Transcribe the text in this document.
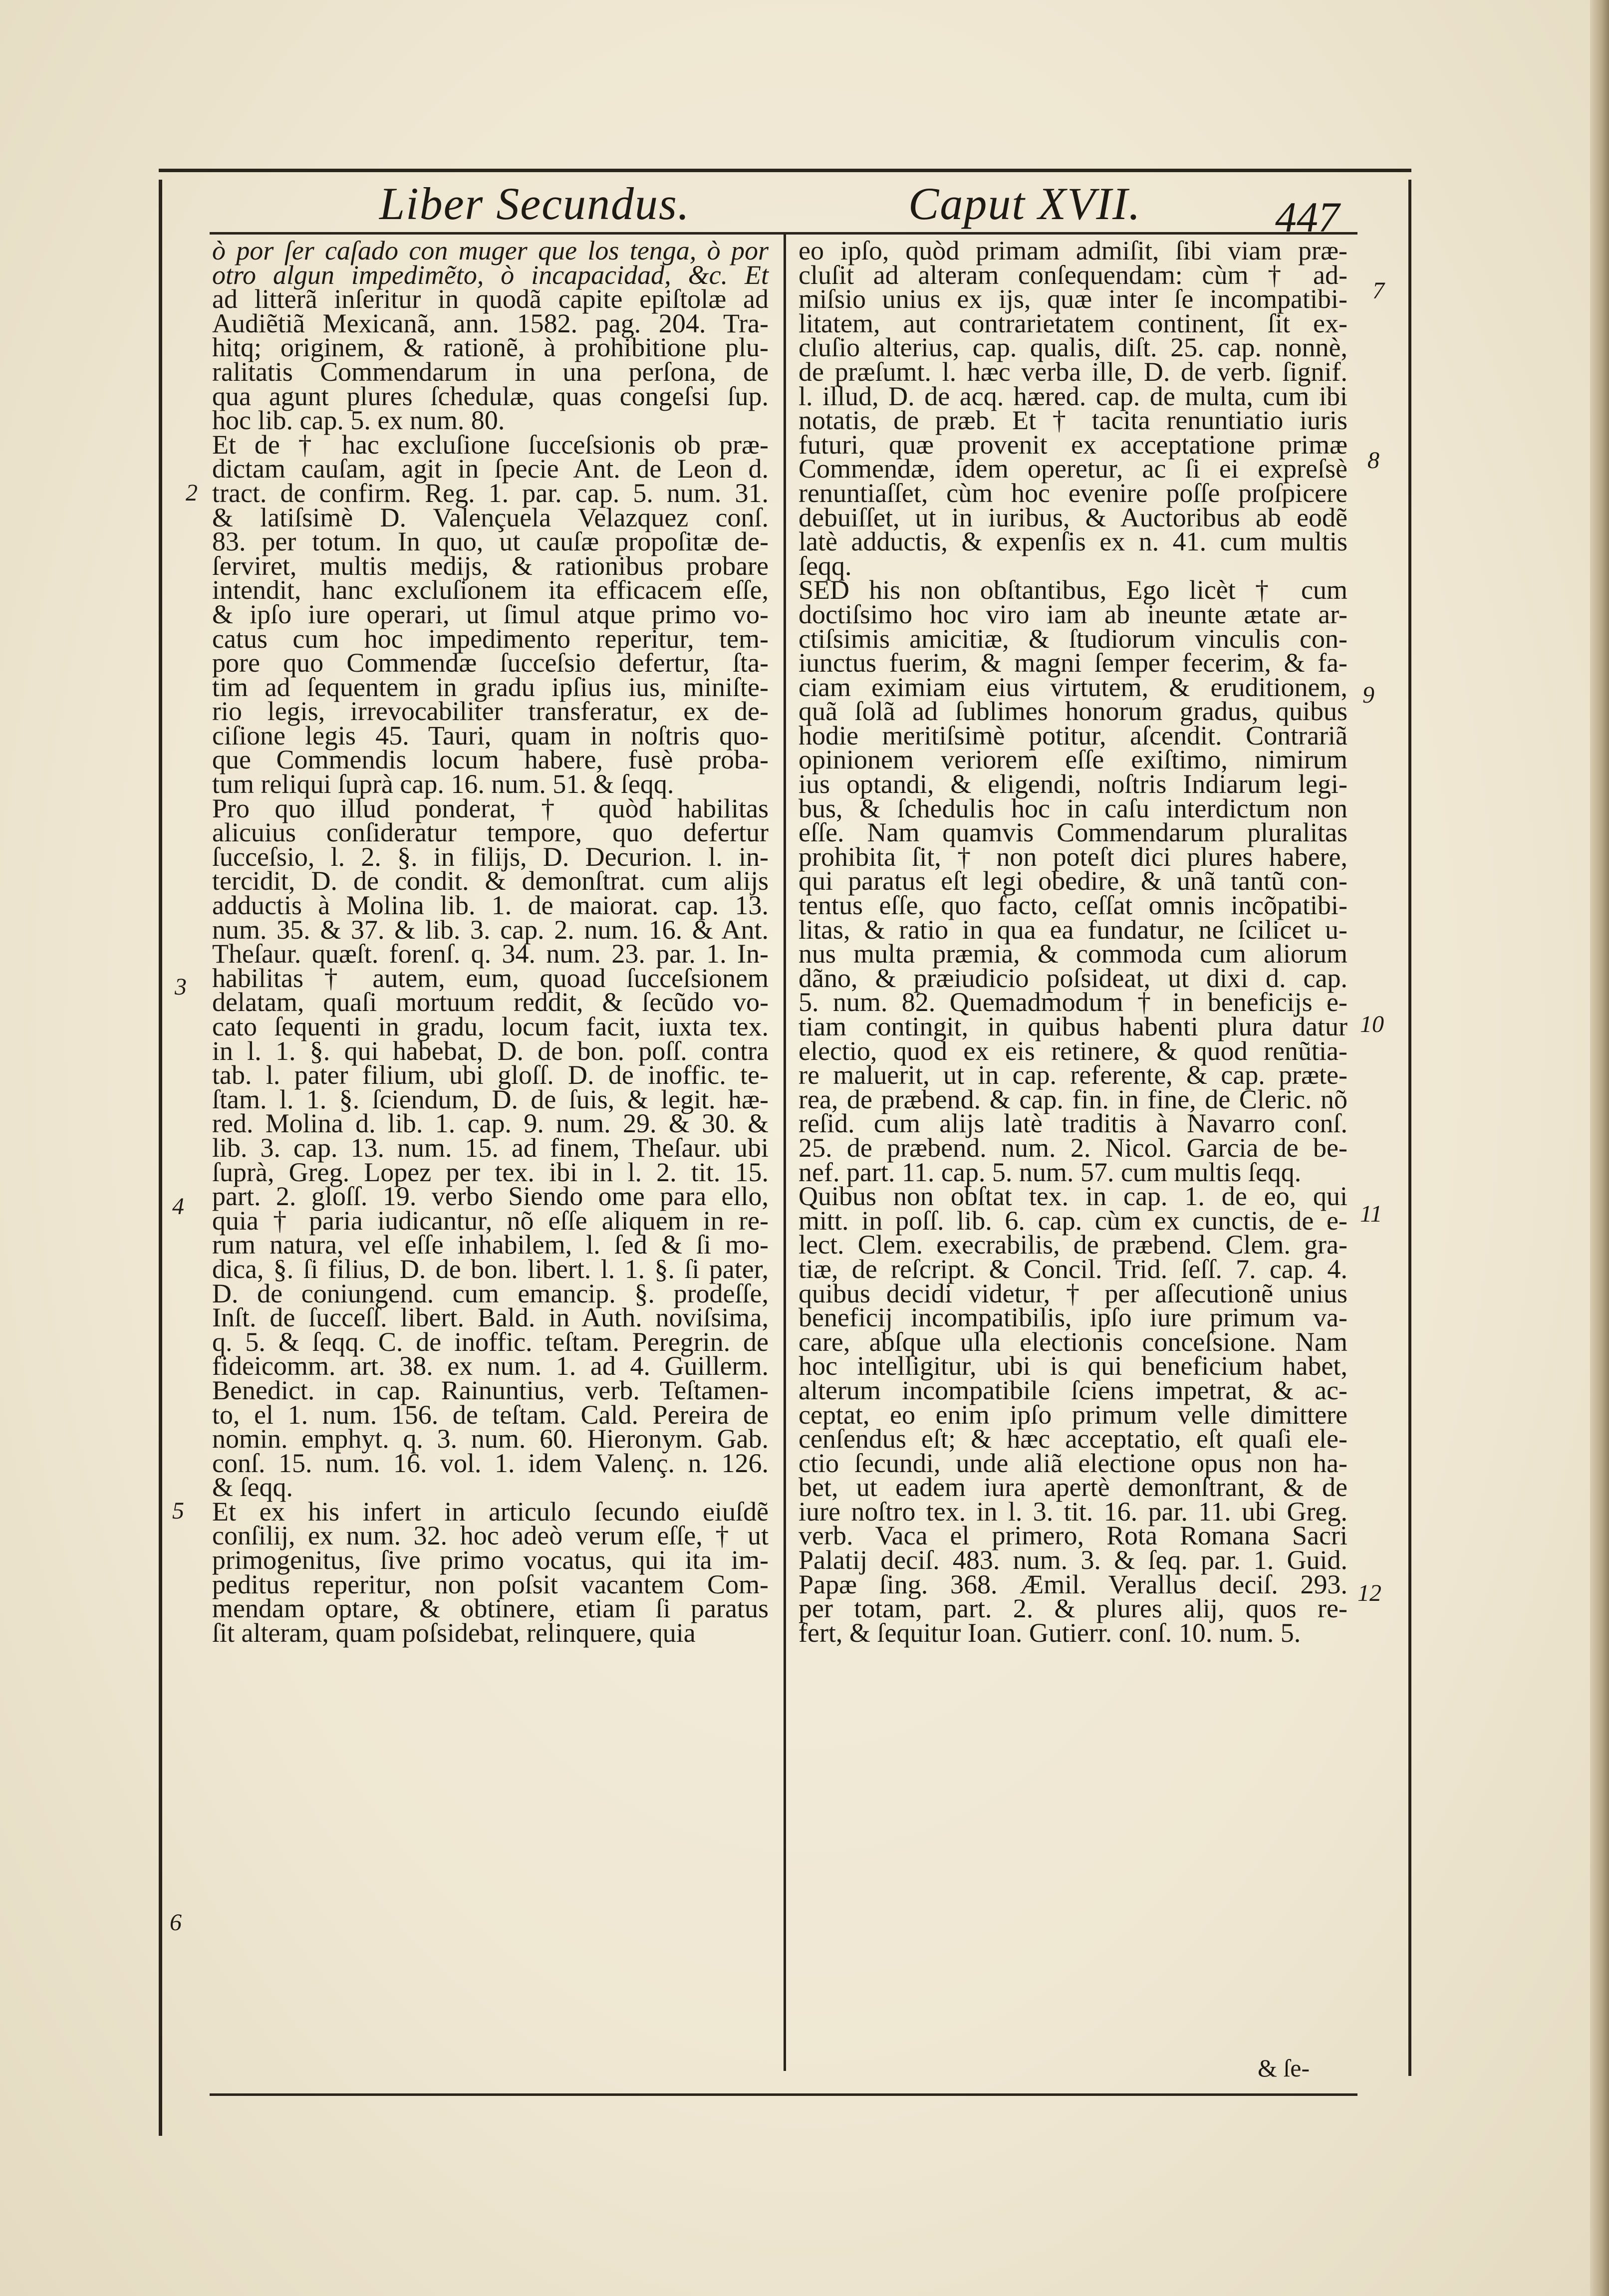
Liber Secundus.	Caput XVII.	447
ò por ſer caſado con muger que los tenga, ò por
otro algun impedimẽto, ò incapacidad, &c. Et
ad litterã inſeritur in quodã capite epiſtolæ ad
Audiẽtiã Mexicanã, ann. 1582. pag. 204. Tra-
hitq; originem, & rationẽ, à prohibitione plu-
ralitatis Commendarum in una perſona, de
qua agunt plures ſchedulæ, quas congeſsi ſup.
hoc lib. cap. 5. ex num. 80.
Et de † hac excluſione ſucceſsionis ob præ-
dictam cauſam, agit in ſpecie Ant. de Leon d.
tract. de confirm. Reg. 1. par. cap. 5. num. 31.
& latiſsimè D. Valençuela Velazquez conſ.
83. per totum. In quo, ut cauſæ propoſitæ de-
ſerviret, multis medijs, & rationibus probare
intendit, hanc excluſionem ita efficacem eſſe,
& ipſo iure operari, ut ſimul atque primo vo-
catus cum hoc impedimento reperitur, tem-
pore quo Commendæ ſucceſsio defertur, ſta-
tim ad ſequentem in gradu ipſius ius, miniſte-
rio legis, irrevocabiliter transferatur, ex de-
ciſione legis 45. Tauri, quam in noſtris quo-
que Commendis locum habere, fusè proba-
tum reliqui ſuprà cap. 16. num. 51. & ſeqq.
Pro quo illud ponderat, † quòd habilitas
alicuius conſideratur tempore, quo defertur
ſucceſsio, l. 2. §. in filijs, D. Decurion. l. in-
tercidit, D. de condit. & demonſtrat. cum alijs
adductis à Molina lib. 1. de maiorat. cap. 13.
num. 35. & 37. & lib. 3. cap. 2. num. 16. & Ant.
Theſaur. quæſt. forenſ. q. 34. num. 23. par. 1. In-
habilitas † autem, eum, quoad ſucceſsionem
delatam, quaſi mortuum reddit, & ſecũdo vo-
cato ſequenti in gradu, locum facit, iuxta tex.
in l. 1. §. qui habebat, D. de bon. poſſ. contra
tab. l. pater filium, ubi gloſſ. D. de inoffic. te-
ſtam. l. 1. §. ſciendum, D. de ſuis, & legit. hæ-
red. Molina d. lib. 1. cap. 9. num. 29. & 30. &
lib. 3. cap. 13. num. 15. ad finem, Theſaur. ubi
ſuprà, Greg. Lopez per tex. ibi in l. 2. tit. 15.
part. 2. gloſſ. 19. verbo Siendo ome para ello,
quia † paria iudicantur, nõ eſſe aliquem in re-
rum natura, vel eſſe inhabilem, l. ſed & ſi mo-
dica, §. ſi filius, D. de bon. libert. l. 1. §. ſi pater,
D. de coniungend. cum emancip. §. prodeſſe,
Inſt. de ſucceſſ. libert. Bald. in Auth. noviſsima,
q. 5. & ſeqq. C. de inoffic. teſtam. Peregrin. de
fideicomm. art. 38. ex num. 1. ad 4. Guillerm.
Benedict. in cap. Rainuntius, verb. Teſtamen-
to, el 1. num. 156. de teſtam. Cald. Pereira de
nomin. emphyt. q. 3. num. 60. Hieronym. Gab.
conſ. 15. num. 16. vol. 1. idem Valenç. n. 126.
& ſeqq.
Et ex his infert in articulo ſecundo eiuſdẽ
conſilij, ex num. 32. hoc adeò verum eſſe, † ut
primogenitus, ſive primo vocatus, qui ita im-
peditus reperitur, non poſsit vacantem Com-
mendam optare, & obtinere, etiam ſi paratus
ſit alteram, quam poſsidebat, relinquere, quia
eo ipſo, quòd primam admiſit, ſibi viam præ-
cluſit ad alteram conſequendam: cùm † ad-
miſsio unius ex ijs, quæ inter ſe incompatibi-
litatem, aut contrarietatem continent, ſit ex-
cluſio alterius, cap. qualis, diſt. 25. cap. nonnè,
de præſumt. l. hæc verba ille, D. de verb. ſignif.
l. illud, D. de acq. hæred. cap. de multa, cum ibi
notatis, de præb. Et † tacita renuntiatio iuris
futuri, quæ provenit ex acceptatione primæ
Commendæ, idem operetur, ac ſi ei expreſsè
renuntiaſſet, cùm hoc evenire poſſe proſpicere
debuiſſet, ut in iuribus, & Auctoribus ab eodẽ
latè adductis, & expenſis ex n. 41. cum multis
ſeqq.
SED his non obſtantibus, Ego licèt † cum
doctiſsimo hoc viro iam ab ineunte ætate ar-
ctiſsimis amicitiæ, & ſtudiorum vinculis con-
iunctus fuerim, & magni ſemper fecerim, & fa-
ciam eximiam eius virtutem, & eruditionem,
quã ſolã ad ſublimes honorum gradus, quibus
hodie meritiſsimè potitur, aſcendit. Contrariã
opinionem veriorem eſſe exiſtimo, nimirum
ius optandi, & eligendi, noſtris Indiarum legi-
bus, & ſchedulis hoc in caſu interdictum non
eſſe. Nam quamvis Commendarum pluralitas
prohibita ſit, † non poteſt dici plures habere,
qui paratus eſt legi obedire, & unã tantũ con-
tentus eſſe, quo facto, ceſſat omnis incõpatibi-
litas, & ratio in qua ea fundatur, ne ſcilicet u-
nus multa præmia, & commoda cum aliorum
dãno, & præiudicio poſsideat, ut dixi d. cap.
5. num. 82. Quemadmodum † in beneficijs e-
tiam contingit, in quibus habenti plura datur
electio, quod ex eis retinere, & quod renũtia-
re maluerit, ut in cap. referente, & cap. præte-
rea, de præbend. & cap. fin. in fine, de Cleric. nõ
reſid. cum alijs latè traditis à Navarro conſ.
25. de præbend. num. 2. Nicol. Garcia de be-
nef. part. 11. cap. 5. num. 57. cum multis ſeqq.
Quibus non obſtat tex. in cap. 1. de eo, qui
mitt. in poſſ. lib. 6. cap. cùm ex cunctis, de e-
lect. Clem. execrabilis, de præbend. Clem. gra-
tiæ, de reſcript. & Concil. Trid. ſeſſ. 7. cap. 4.
quibus decidi videtur, † per aſſecutionẽ unius
beneficij incompatibilis, ipſo iure primum va-
care, abſque ulla electionis conceſsione. Nam
hoc intelligitur, ubi is qui beneficium habet,
alterum incompatibile ſciens impetrat, & ac-
ceptat, eo enim ipſo primum velle dimittere
cenſendus eſt; & hæc acceptatio, eſt quaſi ele-
ctio ſecundi, unde aliã electione opus non ha-
bet, ut eadem iura apertè demonſtrant, & de
iure noſtro tex. in l. 3. tit. 16. par. 11. ubi Greg.
verb. Vaca el primero, Rota Romana Sacri
Palatij deciſ. 483. num. 3. & ſeq. par. 1. Guid.
Papæ ſing. 368. Æmil. Verallus deciſ. 293.
per totam, part. 2. & plures alij, quos re-
fert, & ſequitur Ioan. Gutierr. conſ. 10. num. 5.
2
3
4
5
6
7
8
9
10
11
12
& ſe-
